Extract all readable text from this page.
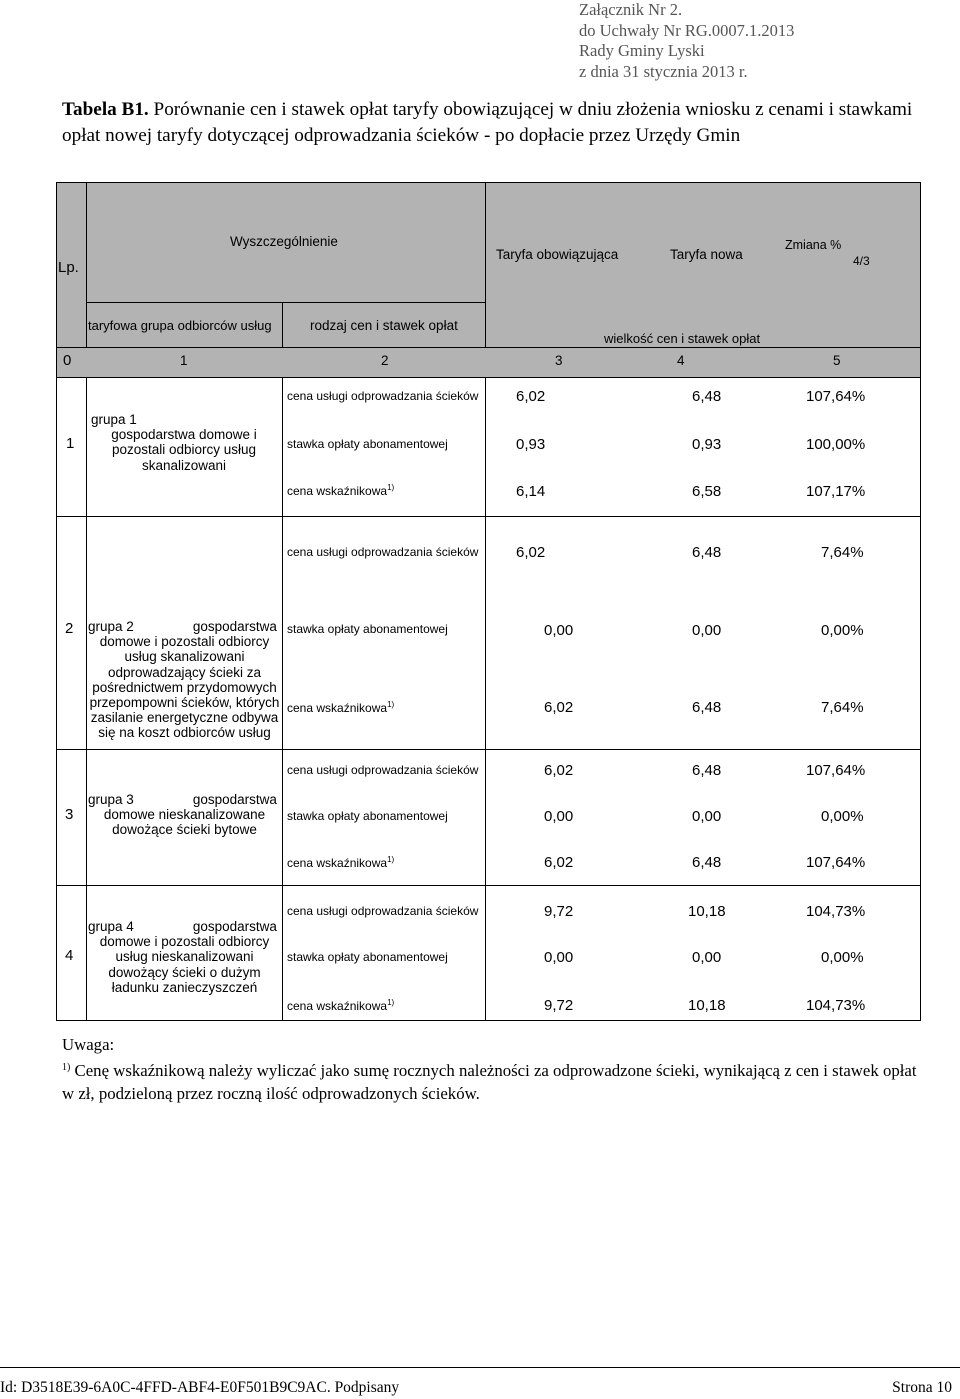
Załącznik Nr 2.
do Uchwały Nr RG.0007.1.2013
Rady Gminy Lyski
z dnia 31 stycznia 2013 r.
Tabela B1. Porównanie cen i stawek opłat taryfy obowiązującej w dniu złożenia wniosku z cenami i stawkami opłat nowej taryfy dotyczącej odprowadzania ścieków - po dopłacie przez Urzędy Gmin
Lp.
Wyszczególnienie
Taryfa obowiązująca	Taryfa nowa
Zmiana %
4/3
taryfowa grupa odbiorców usług	rodzaj cen i stawek opłat
wielkość cen i stawek opłat
0	1	2	3	4	5
1
grupa 1
gospodarstwa domowe i pozostali odbiorcy usług skanalizowani
cena usługi odprowadzania ścieków	6,02	6,48	107,64%
stawka opłaty abonamentowej	0,93	0,93	100,00%
cena wskaźnikowa$^{1)}$	6,14	6,58	107,17%
2 grupa 2	gospodarstwa domowe i pozostali odbiorcy usług skanalizowani odprowadzający ścieki za pośrednictwem przydomowych przepompowni ścieków, których zasilanie energetyczne odbywa się na koszt odbiorców usług
cena usługi odprowadzania ścieków	6,02	6,48	7,64%
stawka opłaty abonamentowej	0,00	0,00	0,00%
cena wskaźnikowa$^{1)}$	6,02	6,48	7,64%
3
grupa 3	gospodarstwa domowe nieskanalizowane dowożące ścieki bytowe
cena usługi odprowadzania ścieków	6,02	6,48	107,64%
stawka opłaty abonamentowej	0,00	0,00	0,00%
cena wskaźnikowa$^{1)}$	6,02	6,48	107,64%
4
grupa 4	gospodarstwa domowe i pozostali odbiorcy usług nieskanalizowani dowożący ścieki o dużym ładunku zanieczyszczeń
cena usługi odprowadzania ścieków	9,72	10,18	104,73%
stawka opłaty abonamentowej	0,00	0,00	0,00%
cena wskaźnikowa$^{1)}$	9,72	10,18	104,73%
Uwaga:
$^{1)}$ Cenę wskaźnikową należy wyliczać jako sumę rocznych należności za odprowadzone ścieki, wynikającą z cen i stawek opłat w zł, podzieloną przez roczną ilość odprowadzonych ścieków.
Id: D3518E39-6A0C-4FFD-ABF4-E0F501B9C9AC. Podpisany	Strona 10
